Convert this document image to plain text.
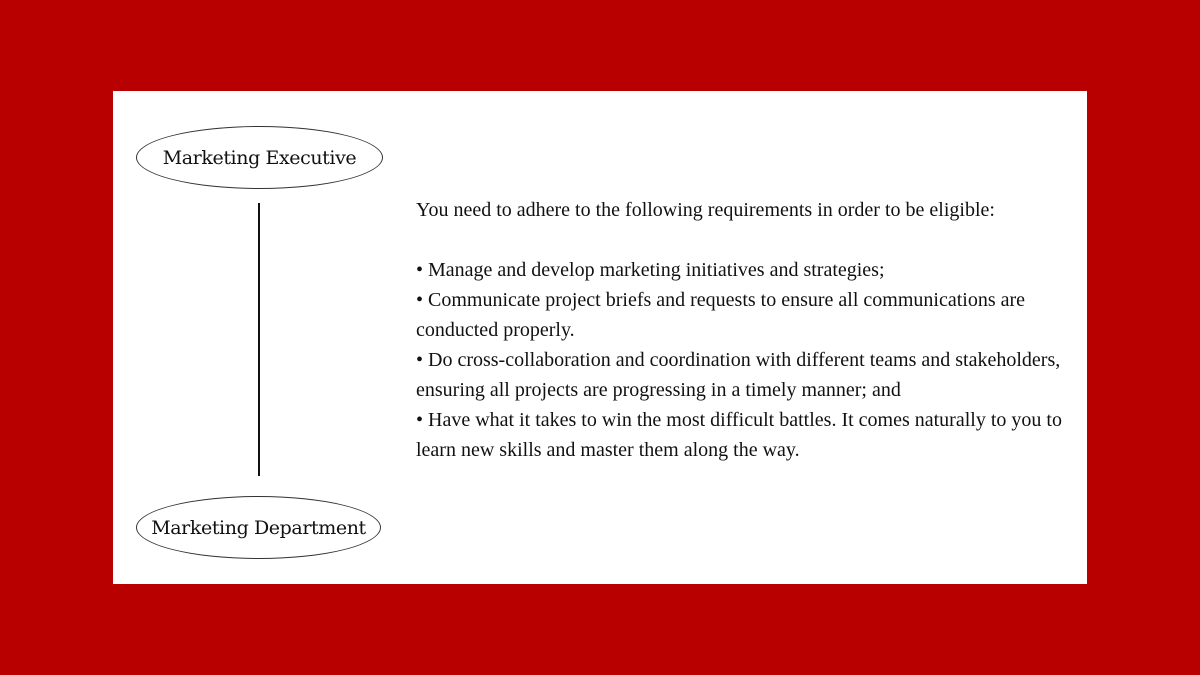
Marketing Executive
Marketing Department

You need to adhere to the following requirements in order to be eligible:

• Manage and develop marketing initiatives and strategies;

• Communicate project briefs and requests to ensure all communications are conducted properly.

• Do cross-collaboration and coordination with different teams and stakeholders, ensuring all projects are progressing in a timely manner; and

• Have what it takes to win the most difficult battles. It comes naturally to you to learn new skills and master them along the way.
